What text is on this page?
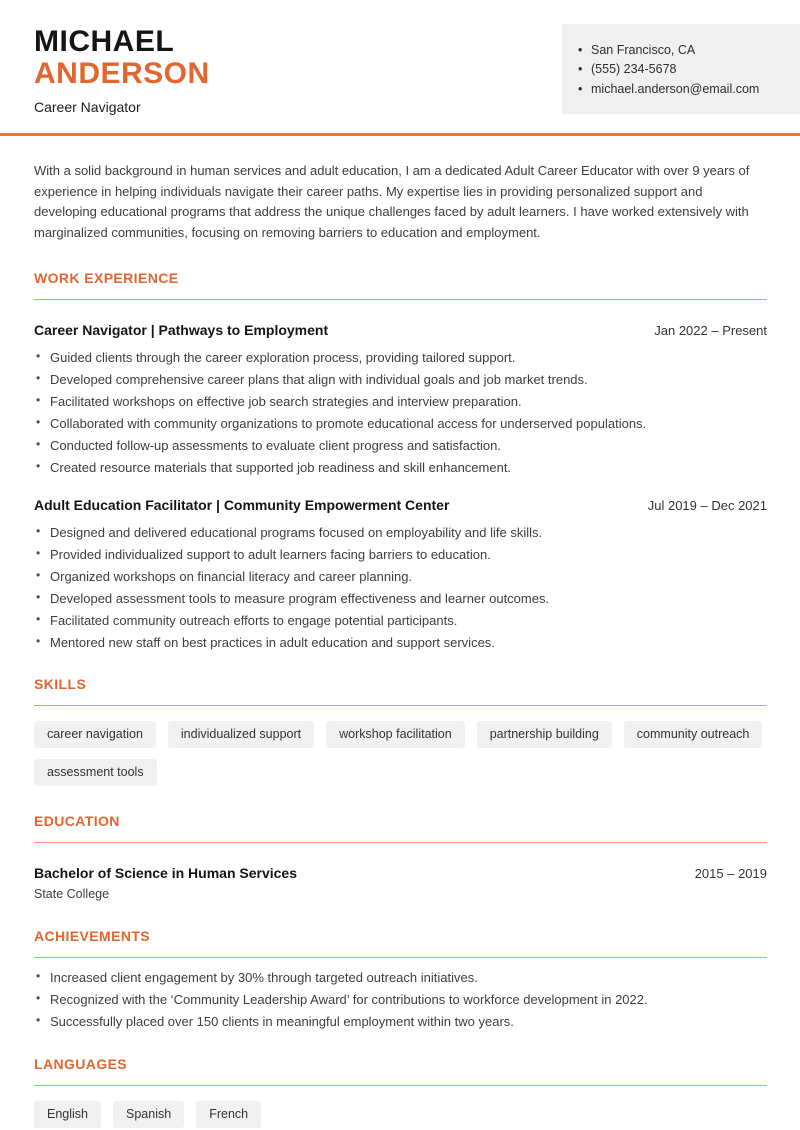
MICHAEL
ANDERSON
Career Navigator
• San Francisco, CA
• (555) 234-5678
• michael.anderson@email.com

With a solid background in human services and adult education, I am a dedicated Adult Career Educator with over 9 years of experience in helping individuals navigate their career paths. My expertise lies in providing personalized support and developing educational programs that address the unique challenges faced by adult learners. I have worked extensively with marginalized communities, focusing on removing barriers to education and employment.

WORK EXPERIENCE
Career Navigator | Pathways to Employment	Jan 2022 – Present
• Guided clients through the career exploration process, providing tailored support.
• Developed comprehensive career plans that align with individual goals and job market trends.
• Facilitated workshops on effective job search strategies and interview preparation.
• Collaborated with community organizations to promote educational access for underserved populations.
• Conducted follow-up assessments to evaluate client progress and satisfaction.
• Created resource materials that supported job readiness and skill enhancement.
Adult Education Facilitator | Community Empowerment Center	Jul 2019 – Dec 2021
• Designed and delivered educational programs focused on employability and life skills.
• Provided individualized support to adult learners facing barriers to education.
• Organized workshops on financial literacy and career planning.
• Developed assessment tools to measure program effectiveness and learner outcomes.
• Facilitated community outreach efforts to engage potential participants.
• Mentored new staff on best practices in adult education and support services.
SKILLS
career navigation	individualized support	workshop facilitation	partnership building	community outreach
assessment tools
EDUCATION
Bachelor of Science in Human Services	2015 – 2019
State College
ACHIEVEMENTS
• Increased client engagement by 30% through targeted outreach initiatives.
• Recognized with the ‘Community Leadership Award’ for contributions to workforce development in 2022.
• Successfully placed over 150 clients in meaningful employment within two years.
LANGUAGES
English	Spanish	French
